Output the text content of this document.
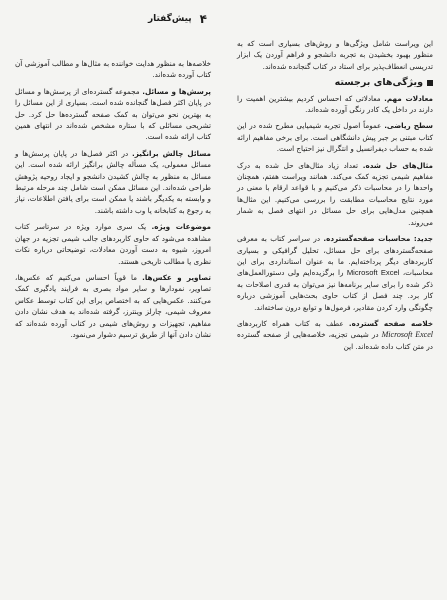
۴
پیش‌گفتار

این ویراست شامل ویژگی‌ها و روش‌های بسیاری است که به منظور بهبود بخشیدن به تجربه دانشجو و فراهم آوردن یک ابزار تدریسی انعطاف‌پذیر برای استاد در کتاب گنجانده شده‌اند.

ویژگی‌های برجسته

معادلات مهم. معادلاتی که احساس کردیم بیشترین اهمیت را دارند در داخل یک کادر رنگی آورده شده‌اند.

سطح ریاضی. عموماً اصول تجربه شیمیایی مطرح شده در این کتاب مبتنی بر جبر پیش دانشگاهی است. برای برخی مفاهیم ارائه شده به حساب دیفرانسیل و انتگرال نیز احتیاج است.

مثال‌های حل شده. تعداد زیاد مثال‌های حل شده به درک مفاهیم شیمی تجزیه کمک می‌کند. همانند ویراست هفتم، همچنان واحدها را در محاسبات ذکر می‌کنیم و با قواعد ارقام با معنی در مورد نتایج محاسبات مطابقت را بررسی می‌کنیم. این مثال‌ها همچنین مدل‌هایی برای حل مسائل در انتهای فصل به شمار می‌روند.

جدید: محاسبات صفحه‌گسترده. در سراسر کتاب به معرفی صفحه‌گستردهای برای حل مسائل، تحلیل گرافیکی و بسیاری کاربردهای دیگر پرداخته‌ایم. ما به عنوان استانداردی برای این محاسبات، Microsoft Excel را برگزیده‌ایم ولی دستورالعمل‌های ذکر شده را برای سایر برنامه‌ها نیز می‌توان به قدری اصلاحات به کار برد. چند فصل از کتاب حاوی بحث‌هایی آموزشی درباره چگونگی وارد کردن مقادیر، فرمول‌ها و توابع درون ساخته‌اند.

خلاصه صفحه گسترده. عطف به کتاب همراه کاربردهای Microsoft Excel در شیمی تجزیه، خلاصه‌هایی از صفحه گسترده در متن کتاب داده شده‌اند. این

خلاصه‌ها به منظور هدایت خواننده به مثال‌ها و مطالب آموزشی آن کتاب آورده شده‌اند.

پرسش‌ها و مسائل. مجموعه گسترده‌ای از پرسش‌ها و مسائل در پایان اکثر فصل‌ها گنجانده شده است. بسیاری از این مسائل را به بهترین نحو می‌توان به کمک صفحه گسترده‌ها حل کرد. حل تشریحی مسائلی که با ستاره مشخص شده‌اند در انتهای همین کتاب ارائه شده است.

مسائل چالش برانگیز. در اکثر فصل‌ها در پایان پرسش‌ها و مسائل معمولی، یک مسأله چالش برانگیز ارائه شده است. این مسائل به منظور به چالش کشیدن دانشجو و ایجاد روحیه پژوهش طراحی شده‌اند. این مسائل ممکن است شامل چند مرحله مرتبط و وابسته به یکدیگر باشند یا ممکن است برای یافتن اطلاعات، نیاز به رجوع به کتابخانه یا وب داشته باشند.

موضوعات ویژه. یک سری موارد ویژه در سرتاسر کتاب مشاهده می‌شود که حاوی کاربردهای جالب شیمی تجزیه در جهان امروز، شیوه به دست آوردن معادلات، توضیحاتی درباره نکات نظری یا مطالب تاریخی هستند.

تصاویر و عکس‌ها. ما قویاً احساس می‌کنیم که عکس‌ها، تصاویر، نمودارها و سایر مواد بصری به فرایند یادگیری کمک می‌کنند. عکس‌هایی که به اختصاص برای این کتاب توسط عکاس معروف شیمی، چارلز وینترز، گرفته شده‌اند به هدف نشان دادن مفاهیم، تجهیزات و روش‌های شیمی در کتاب آورده شده‌اند که نشان دادن آنها از طریق ترسیم دشوار می‌نمود.
